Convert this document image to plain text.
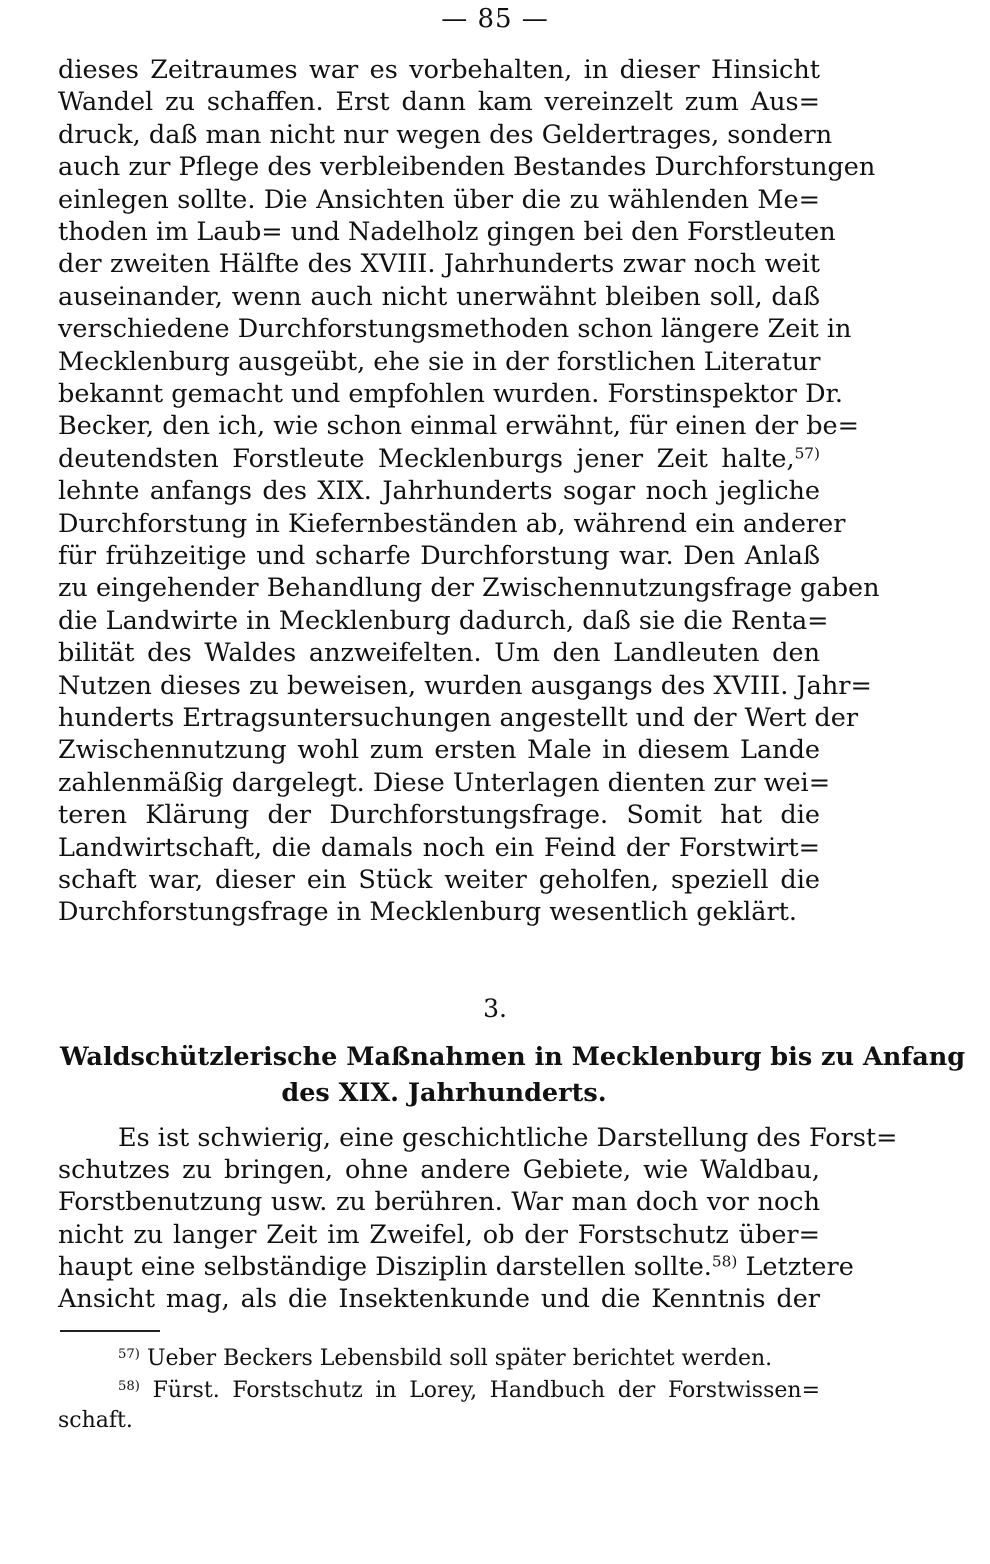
— 85 —
dieses Zeitraumes war es vorbehalten, in dieser Hinsicht
Wandel zu schaffen. Erst dann kam vereinzelt zum Aus=
druck, daß man nicht nur wegen des Geldertrages, sondern
auch zur Pflege des verbleibenden Bestandes Durchforstungen
einlegen sollte. Die Ansichten über die zu wählenden Me=
thoden im Laub= und Nadelholz gingen bei den Forstleuten
der zweiten Hälfte des XVIII. Jahrhunderts zwar noch weit
auseinander, wenn auch nicht unerwähnt bleiben soll, daß
verschiedene Durchforstungsmethoden schon längere Zeit in
Mecklenburg ausgeübt, ehe sie in der forstlichen Literatur
bekannt gemacht und empfohlen wurden. Forstinspektor Dr.
Becker, den ich, wie schon einmal erwähnt, für einen der be=
deutendsten Forstleute Mecklenburgs jener Zeit halte,$^{57)}$
lehnte anfangs des XIX. Jahrhunderts sogar noch jegliche
Durchforstung in Kiefernbeständen ab, während ein anderer
für frühzeitige und scharfe Durchforstung war. Den Anlaß
zu eingehender Behandlung der Zwischennutzungsfrage gaben
die Landwirte in Mecklenburg dadurch, daß sie die Renta=
bilität des Waldes anzweifelten. Um den Landleuten den
Nutzen dieses zu beweisen, wurden ausgangs des XVIII. Jahr=
hunderts Ertragsuntersuchungen angestellt und der Wert der
Zwischennutzung wohl zum ersten Male in diesem Lande
zahlenmäßig dargelegt. Diese Unterlagen dienten zur wei=
teren Klärung der Durchforstungsfrage. Somit hat die
Landwirtschaft, die damals noch ein Feind der Forstwirt=
schaft war, dieser ein Stück weiter geholfen, speziell die
Durchforstungsfrage in Mecklenburg wesentlich geklärt.
3.
Waldschützlerische Maßnahmen in Mecklenburg bis zu Anfang
des XIX. Jahrhunderts.
Es ist schwierig, eine geschichtliche Darstellung des Forst=
schutzes zu bringen, ohne andere Gebiete, wie Waldbau,
Forstbenutzung usw. zu berühren. War man doch vor noch
nicht zu langer Zeit im Zweifel, ob der Forstschutz über=
haupt eine selbständige Disziplin darstellen sollte.$^{58)}$ Letztere
Ansicht mag, als die Insektenkunde und die Kenntnis der
$^{57)}$ Ueber Beckers Lebensbild soll später berichtet werden.
$^{58)}$ Fürst. Forstschutz in Lorey, Handbuch der Forstwissen=
schaft.
